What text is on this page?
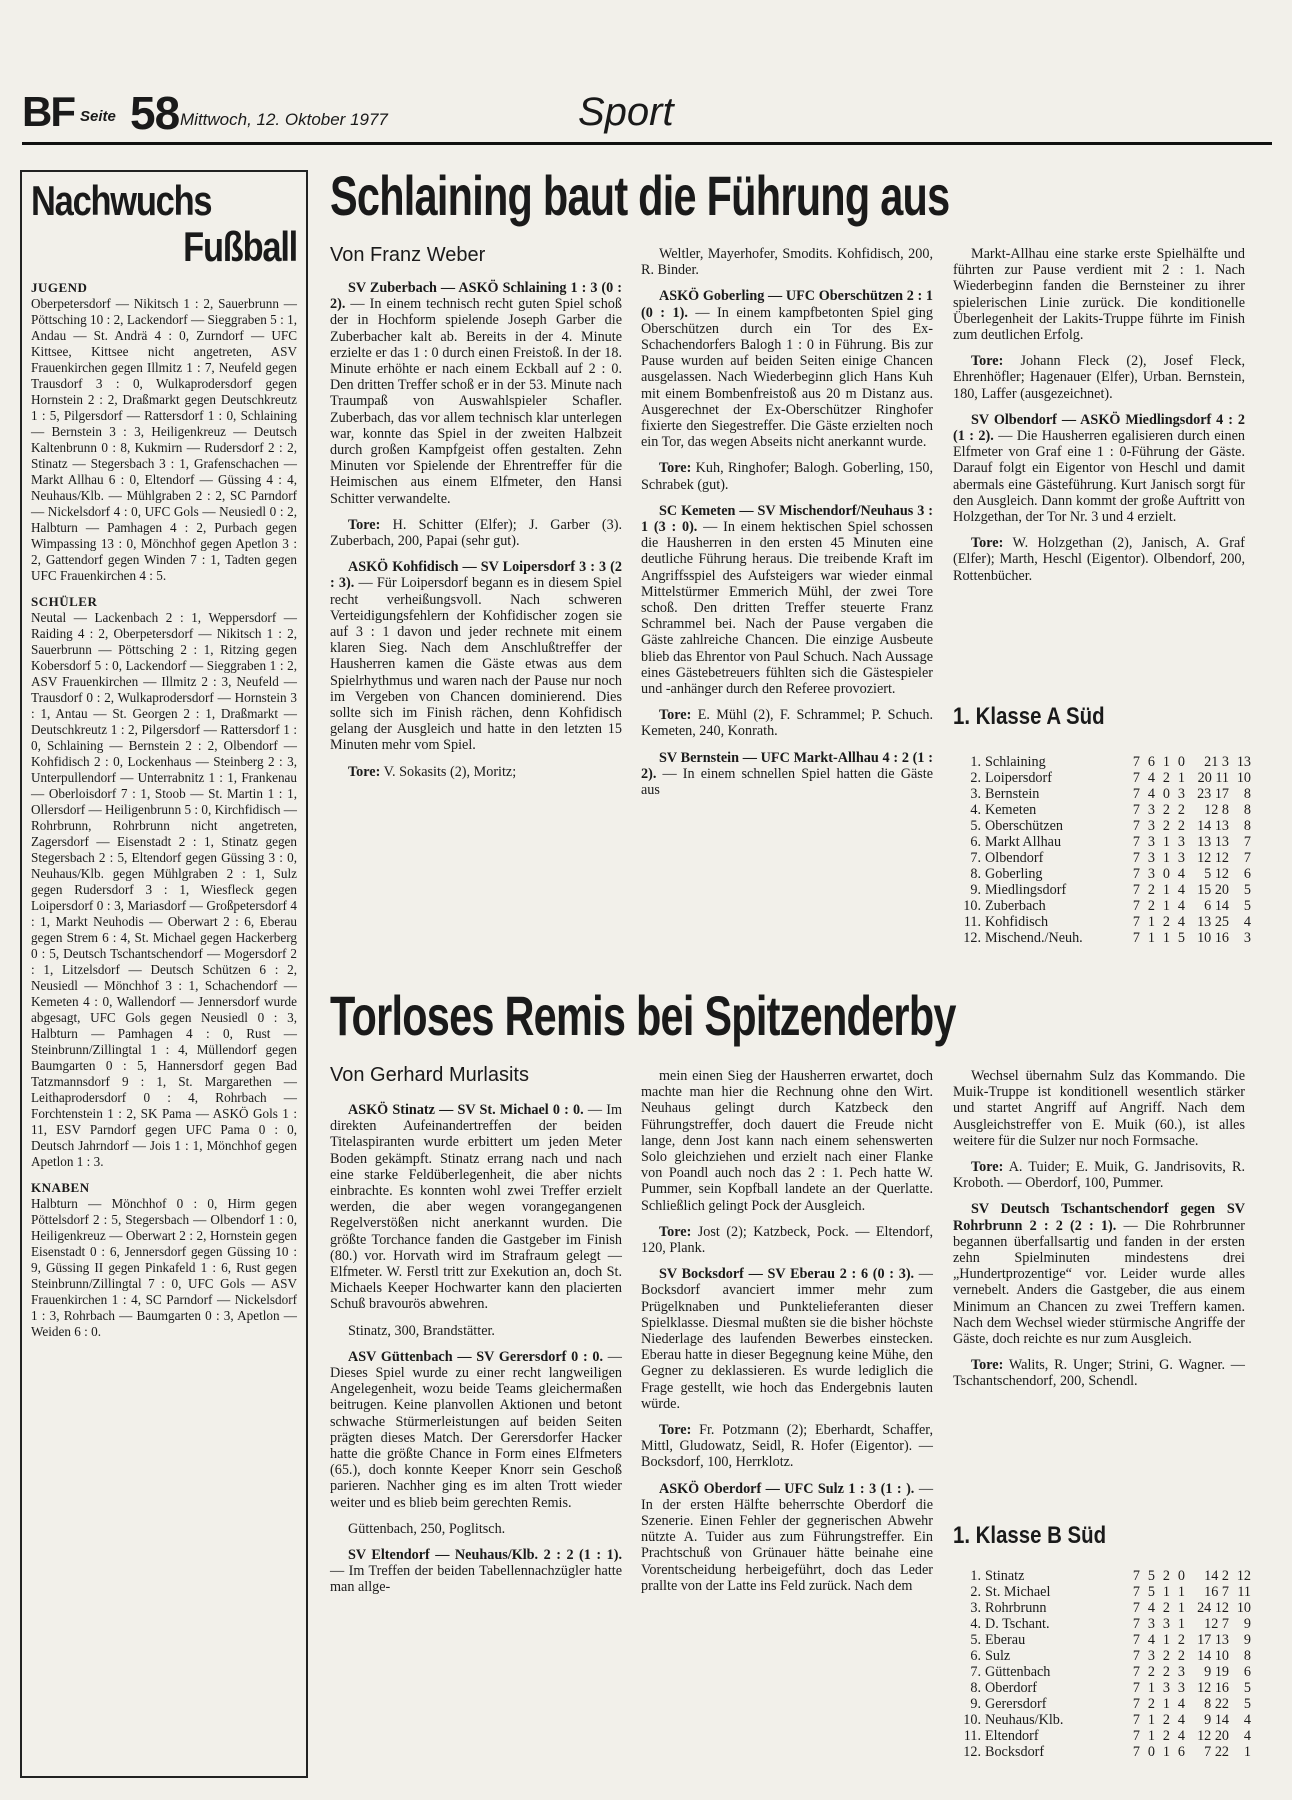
BF Seite 58 Mittwoch, 12. Oktober 1977	Sport
Nachwuchs
Fußball
JUGEND
Oberpetersdorf — Nikitsch 1 : 2, Sauerbrunn — Pöttsching 10 : 2, Lackendorf — Sieggraben 5 : 1, Andau — St. Andrä 4 : 0, Zurndorf — UFC Kittsee, Kittsee nicht angetreten, ASV Frauenkirchen gegen Illmitz 1 : 7, Neufeld gegen Trausdorf 3 : 0, Wulkaprodersdorf gegen Hornstein 2 : 2, Draßmarkt gegen Deutschkreutz 1 : 5, Pilgersdorf — Rattersdorf 1 : 0, Schlaining — Bernstein 3 : 3, Heiligenkreuz — Deutsch Kaltenbrunn 0 : 8, Kukmirn — Rudersdorf 2 : 2, Stinatz — Stegersbach 3 : 1, Grafenschachen — Markt Allhau 6 : 0, Eltendorf — Güssing 4 : 4, Neuhaus/Klb. — Mühlgraben 2 : 2, SC Parndorf — Nickelsdorf 4 : 0, UFC Gols — Neusiedl 0 : 2, Halbturn — Pamhagen 4 : 2, Purbach gegen Wimpassing 13 : 0, Mönchhof gegen Apetlon 3 : 2, Gattendorf gegen Winden 7 : 1, Tadten gegen UFC Frauenkirchen 4 : 5.
SCHÜLER
Neutal — Lackenbach 2 : 1, Weppersdorf — Raiding 4 : 2, Oberpetersdorf — Nikitsch 1 : 2, Sauerbrunn — Pöttsching 2 : 1, Ritzing gegen Kobersdorf 5 : 0, Lackendorf — Sieggraben 1 : 2, ASV Frauenkirchen — Illmitz 2 : 3, Neufeld — Trausdorf 0 : 2, Wulkaprodersdorf — Hornstein 3 : 1, Antau — St. Georgen 2 : 1, Draßmarkt — Deutschkreutz 1 : 2, Pilgersdorf — Rattersdorf 1 : 0, Schlaining — Bernstein 2 : 2, Olbendorf — Kohfidisch 2 : 0, Lockenhaus — Steinberg 2 : 3, Unterpullendorf — Unterrabnitz 1 : 1, Frankenau — Oberloisdorf 7 : 1, Stoob — St. Martin 1 : 1, Ollersdorf — Heiligenbrunn 5 : 0, Kirchfidisch — Rohrbrunn, Rohrbrunn nicht angetreten, Zagersdorf — Eisenstadt 2 : 1, Stinatz gegen Stegersbach 2 : 5, Eltendorf gegen Güssing 3 : 0, Neuhaus/Klb. gegen Mühlgraben 2 : 1, Sulz gegen Rudersdorf 3 : 1, Wiesfleck gegen Loipersdorf 0 : 3, Mariasdorf — Großpetersdorf 4 : 1, Markt Neuhodis — Oberwart 2 : 6, Eberau gegen Strem 6 : 4, St. Michael gegen Hackerberg 0 : 5, Deutsch Tschantschendorf — Mogersdorf 2 : 1, Litzelsdorf — Deutsch Schützen 6 : 2, Neusiedl — Mönchhof 3 : 1, Schachendorf — Kemeten 4 : 0, Wallendorf — Jennersdorf wurde abgesagt, UFC Gols gegen Neusiedl 0 : 3, Halbturn — Pamhagen 4 : 0, Rust — Steinbrunn/Zillingtal 1 : 4, Müllendorf gegen Baumgarten 0 : 5, Hannersdorf gegen Bad Tatzmannsdorf 9 : 1, St. Margarethen — Leithaprodersdorf 0 : 4, Rohrbach — Forchtenstein 1 : 2, SK Pama — ASKÖ Gols 1 : 11, ESV Parndorf gegen UFC Pama 0 : 0, Deutsch Jahrndorf — Jois 1 : 1, Mönchhof gegen Apetlon 1 : 3.
KNABEN
Halbturn — Mönchhof 0 : 0, Hirm gegen Pöttelsdorf 2 : 5, Stegersbach — Olbendorf 1 : 0, Heiligenkreuz — Oberwart 2 : 2, Hornstein gegen Eisenstadt 0 : 6, Jennersdorf gegen Güssing 10 : 9, Güssing II gegen Pinkafeld 1 : 6, Rust gegen Steinbrunn/Zillingtal 7 : 0, UFC Gols — ASV Frauenkirchen 1 : 4, SC Parndorf — Nickelsdorf 1 : 3, Rohrbach — Baumgarten 0 : 3, Apetlon — Weiden 6 : 0.
Schlaining baut die Führung aus
Von Franz Weber

SV Zuberbach — ASKÖ Schlaining 1 : 3 (0 : 2). — In einem technisch recht guten Spiel schoß der in Hochform spielende Joseph Garber die Zuberbacher kalt ab. Bereits in der 4. Minute erzielte er das 1 : 0 durch einen Freistoß. In der 18. Minute erhöhte er nach einem Eckball auf 2 : 0. Den dritten Treffer schoß er in der 53. Minute nach Traumpaß von Auswahlspieler Schafler. Zuberbach, das vor allem technisch klar unterlegen war, konnte das Spiel in der zweiten Halbzeit durch großen Kampfgeist offen gestalten. Zehn Minuten vor Spielende der Ehrentreffer für die Heimischen aus einem Elfmeter, den Hansi Schitter verwandelte.

Tore: H. Schitter (Elfer); J. Garber (3). Zuberbach, 200, Papai (sehr gut).

ASKÖ Kohfidisch — SV Loipersdorf 3 : 3 (2 : 3). — Für Loipersdorf begann es in diesem Spiel recht verheißungsvoll. Nach schweren Verteidigungsfehlern der Kohfidischer zogen sie auf 3 : 1 davon und jeder rechnete mit einem klaren Sieg. Nach dem Anschlußtreffer der Hausherren kamen die Gäste etwas aus dem Spielrhythmus und waren nach der Pause nur noch im Vergeben von Chancen dominierend. Dies sollte sich im Finish rächen, denn Kohfidisch gelang der Ausgleich und hatte in den letzten 15 Minuten mehr vom Spiel.

Tore: V. Sokasits (2), Moritz;

Weltler, Mayerhofer, Smodits. Kohfidisch, 200, R. Binder.

ASKÖ Goberling — UFC Oberschützen 2 : 1 (0 : 1). — In einem kampfbetonten Spiel ging Oberschützen durch ein Tor des Ex-Schachendorfers Balogh 1 : 0 in Führung. Bis zur Pause wurden auf beiden Seiten einige Chancen ausgelassen. Nach Wiederbeginn glich Hans Kuh mit einem Bombenfreistoß aus 20 m Distanz aus. Ausgerechnet der Ex-Oberschützer Ringhofer fixierte den Siegestreffer. Die Gäste erzielten noch ein Tor, das wegen Abseits nicht anerkannt wurde.

Tore: Kuh, Ringhofer; Balogh. Goberling, 150, Schrabek (gut).

SC Kemeten — SV Mischendorf/Neuhaus 3 : 1 (3 : 0). — In einem hektischen Spiel schossen die Hausherren in den ersten 45 Minuten eine deutliche Führung heraus. Die treibende Kraft im Angriffsspiel des Aufsteigers war wieder einmal Mittelstürmer Emmerich Mühl, der zwei Tore schoß. Den dritten Treffer steuerte Franz Schrammel bei. Nach der Pause vergaben die Gäste zahlreiche Chancen. Die einzige Ausbeute blieb das Ehrentor von Paul Schuch. Nach Aussage eines Gästebetreuers fühlten sich die Gästespieler und -anhänger durch den Referee provoziert.

Tore: E. Mühl (2), F. Schrammel; P. Schuch. Kemeten, 240, Konrath.

SV Bernstein — UFC Markt-Allhau 4 : 2 (1 : 2). — In einem schnellen Spiel hatten die Gäste aus

Markt-Allhau eine starke erste Spielhälfte und führten zur Pause verdient mit 2 : 1. Nach Wiederbeginn fanden die Bernsteiner zu ihrer spielerischen Linie zurück. Die konditionelle Überlegenheit der Lakits-Truppe führte im Finish zum deutlichen Erfolg.

Tore: Johann Fleck (2), Josef Fleck, Ehrenhöfler; Hagenauer (Elfer), Urban. Bernstein, 180, Laffer (ausgezeichnet).

SV Olbendorf — ASKÖ Miedlingsdorf 4 : 2 (1 : 2). — Die Hausherren egalisieren durch einen Elfmeter von Graf eine 1 : 0-Führung der Gäste. Darauf folgt ein Eigentor von Heschl und damit abermals eine Gästeführung. Kurt Janisch sorgt für den Ausgleich. Dann kommt der große Auftritt von Holzgethan, der Tor Nr. 3 und 4 erzielt.

Tore: W. Holzgethan (2), Janisch, A. Graf (Elfer); Marth, Heschl (Eigentor). Olbendorf, 200, Rottenbücher.

1. Klasse A Süd
1.	Schlaining	7	6	1	0	21 3	13
2.	Loipersdorf	7	4	2	1	20 11	10
3.	Bernstein	7	4	0	3	23 17	8
4.	Kemeten	7	3	2	2	12 8	8
5.	Oberschützen	7	3	2	2	14 13	8
6.	Markt Allhau	7	3	1	3	13 13	7
7.	Olbendorf	7	3	1	3	12 12	7
8.	Goberling	7	3	0	4	5 12	6
9.	Miedlingsdorf	7	2	1	4	15 20	5
10.	Zuberbach	7	2	1	4	6 14	5
11.	Kohfidisch	7	1	2	4	13 25	4
12.	Mischend./Neuh.	7	1	1	5	10 16	3
Torloses Remis bei Spitzenderby
Von Gerhard Murlasits

ASKÖ Stinatz — SV St. Michael 0 : 0. — Im direkten Aufeinandertreffen der beiden Titelaspiranten wurde erbittert um jeden Meter Boden gekämpft. Stinatz errang nach und nach eine starke Feldüberlegenheit, die aber nichts einbrachte. Es konnten wohl zwei Treffer erzielt werden, die aber wegen vorangegangenen Regelverstößen nicht anerkannt wurden. Die größte Torchance fanden die Gastgeber im Finish (80.) vor. Horvath wird im Strafraum gelegt — Elfmeter. W. Ferstl tritt zur Exekution an, doch St. Michaels Keeper Hochwarter kann den placierten Schuß bravourös abwehren.

Stinatz, 300, Brandstätter.

ASV Güttenbach — SV Gerersdorf 0 : 0. — Dieses Spiel wurde zu einer recht langweiligen Angelegenheit, wozu beide Teams gleichermaßen beitrugen. Keine planvollen Aktionen und betont schwache Stürmerleistungen auf beiden Seiten prägten dieses Match. Der Gerersdorfer Hacker hatte die größte Chance in Form eines Elfmeters (65.), doch konnte Keeper Knorr sein Geschoß parieren. Nachher ging es im alten Trott wieder weiter und es blieb beim gerechten Remis.

Güttenbach, 250, Poglitsch.

SV Eltendorf — Neuhaus/Klb. 2 : 2 (1 : 1). — Im Treffen der beiden Tabellennachzügler hatte man allge-

mein einen Sieg der Hausherren erwartet, doch machte man hier die Rechnung ohne den Wirt. Neuhaus gelingt durch Katzbeck den Führungstreffer, doch dauert die Freude nicht lange, denn Jost kann nach einem sehenswerten Solo gleichziehen und erzielt nach einer Flanke von Poandl auch noch das 2 : 1. Pech hatte W. Pummer, sein Kopfball landete an der Querlatte. Schließlich gelingt Pock der Ausgleich.

Tore: Jost (2); Katzbeck, Pock. — Eltendorf, 120, Plank.

SV Bocksdorf — SV Eberau 2 : 6 (0 : 3). — Bocksdorf avanciert immer mehr zum Prügelknaben und Punktelieferanten dieser Spielklasse. Diesmal mußten sie die bisher höchste Niederlage des laufenden Bewerbes einstecken. Eberau hatte in dieser Begegnung keine Mühe, den Gegner zu deklassieren. Es wurde lediglich die Frage gestellt, wie hoch das Endergebnis lauten würde.

Tore: Fr. Potzmann (2); Eberhardt, Schaffer, Mittl, Gludowatz, Seidl, R. Hofer (Eigentor). — Bocksdorf, 100, Herrklotz.

ASKÖ Oberdorf — UFC Sulz 1 : 3 (1 : ). — In der ersten Hälfte beherrschte Oberdorf die Szenerie. Einen Fehler der gegnerischen Abwehr nützte A. Tuider aus zum Führungstreffer. Ein Prachtschuß von Grünauer hätte beinahe eine Vorentscheidung herbeigeführt, doch das Leder prallte von der Latte ins Feld zurück. Nach dem

Wechsel übernahm Sulz das Kommando. Die Muik-Truppe ist konditionell wesentlich stärker und startet Angriff auf Angriff. Nach dem Ausgleichstreffer von E. Muik (60.), ist alles weitere für die Sulzer nur noch Formsache.

Tore: A. Tuider; E. Muik, G. Jandrisovits, R. Kroboth. — Oberdorf, 100, Pummer.

SV Deutsch Tschantschendorf gegen SV Rohrbrunn 2 : 2 (2 : 1). — Die Rohrbrunner begannen überfallsartig und fanden in der ersten zehn Spielminuten mindestens drei „Hundertprozentige“ vor. Leider wurde alles vernebelt. Anders die Gastgeber, die aus einem Minimum an Chancen zu zwei Treffern kamen. Nach dem Wechsel wieder stürmische Angriffe der Gäste, doch reichte es nur zum Ausgleich.

Tore: Walits, R. Unger; Strini, G. Wagner. — Tschantschendorf, 200, Schendl.

1. Klasse B Süd
1.	Stinatz	7	5	2	0	14 2	12
2.	St. Michael	7	5	1	1	16 7	11
3.	Rohrbrunn	7	4	2	1	24 12	10
4.	D. Tschant.	7	3	3	1	12 7	9
5.	Eberau	7	4	1	2	17 13	9
6.	Sulz	7	3	2	2	14 10	8
7.	Güttenbach	7	2	2	3	9 19	6
8.	Oberdorf	7	1	3	3	12 16	5
9.	Gerersdorf	7	2	1	4	8 22	5
10.	Neuhaus/Klb.	7	1	2	4	9 14	4
11.	Eltendorf	7	1	2	4	12 20	4
12.	Bocksdorf	7	0	1	6	7 22	1
